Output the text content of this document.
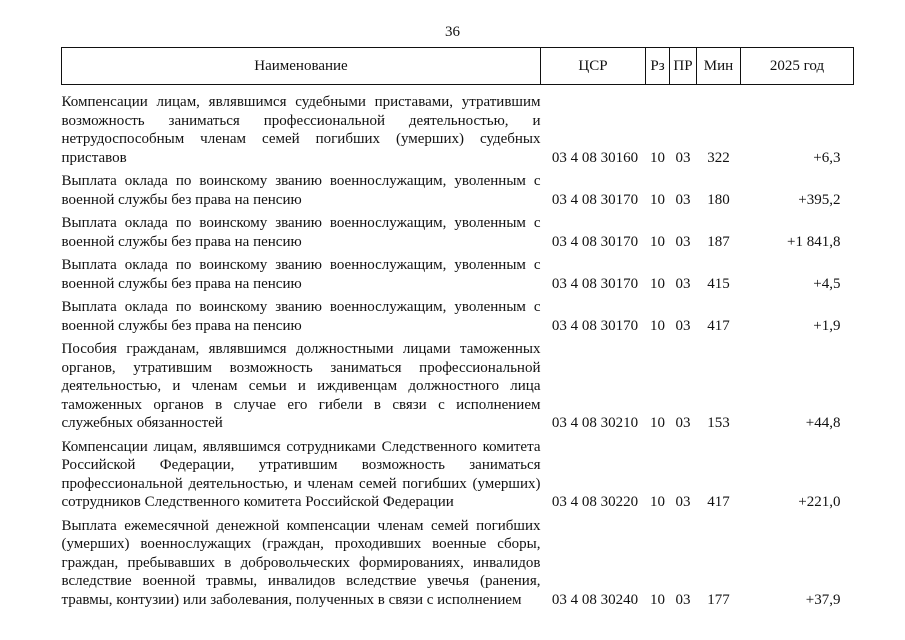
36
Наименование	ЦСР	Рз	ПР	Мин	2025 год
Компенсации лицам, являвшимся судебными приставами, утратившим возможность заниматься профессиональной деятельностью, и нетрудоспособным членам семей погибших (умерших) судебных приставов	03 4 08 30160	10	03	322	+6,3
Выплата оклада по воинскому званию военнослужащим, уволенным с военной службы без права на пенсию	03 4 08 30170	10	03	180	+395,2
Выплата оклада по воинскому званию военнослужащим, уволенным с военной службы без права на пенсию	03 4 08 30170	10	03	187	+1 841,8
Выплата оклада по воинскому званию военнослужащим, уволенным с военной службы без права на пенсию	03 4 08 30170	10	03	415	+4,5
Выплата оклада по воинскому званию военнослужащим, уволенным с военной службы без права на пенсию	03 4 08 30170	10	03	417	+1,9
Пособия гражданам, являвшимся должностными лицами таможенных органов, утратившим возможность заниматься профессиональной деятельностью, и членам семьи и иждивенцам должностного лица таможенных органов в случае его гибели в связи с исполнением служебных обязанностей	03 4 08 30210	10	03	153	+44,8
Компенсации лицам, являвшимся сотрудниками Следственного комитета Российской Федерации, утратившим возможность заниматься профессиональной деятельностью, и членам семей погибших (умерших) сотрудников Следственного комитета Российской Федерации	03 4 08 30220	10	03	417	+221,0
Выплата ежемесячной денежной компенсации членам семей погибших (умерших) военнослужащих (граждан, проходивших военные сборы, граждан, пребывавших в добровольческих формированиях, инвалидов вследствие военной травмы, инвалидов вследствие увечья (ранения, травмы, контузии) или заболевания, полученных в связи с исполнением	03 4 08 30240	10	03	177	+37,9
